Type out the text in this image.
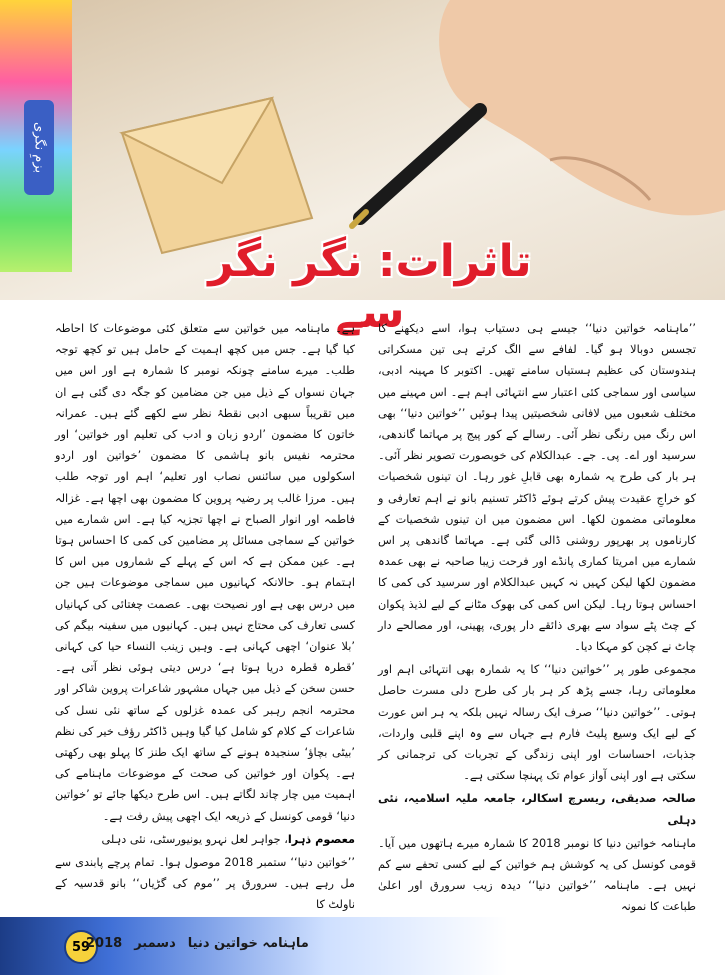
بزمِ نگری
تاثرات: نگر نگر سے

’’ماہنامہ خواتین دنیا‘‘ جیسے ہی دستیاب ہوا، اسے دیکھنے کا تجسس دوبالا ہو گیا۔ لفافے سے الگ کرتے ہی تین مسکراتی ہندوستان کی عظیم ہستیاں سامنے تھیں۔ اکتوبر کا مہینہ ادبی، سیاسی اور سماجی کئی اعتبار سے انتہائی اہم ہے۔ اس مہینے میں مختلف شعبوں میں لافانی شخصیتیں پیدا ہوئیں ’’خواتین دنیا‘‘ بھی اس رنگ میں رنگی نظر آئی۔ رسالے کے کور پیج پر مہاتما گاندھی، سرسید اور اے۔ پی۔ جے۔ عبدالکلام کی خوبصورت تصویر نظر آئی۔ ہر بار کی طرح یہ شمارہ بھی قابلِ غور رہا۔ ان تینوں شخصیات کو خراجِ عقیدت پیش کرتے ہوئے ڈاکٹر تسنیم بانو نے اہم تعارفی و معلوماتی مضمون لکھا۔ اس مضمون میں ان تینوں شخصیات کے کارناموں پر بھرپور روشنی ڈالی گئی ہے۔ مہاتما گاندھی پر اس شمارے میں امریتا کماری پانڈے اور فرحت زیبا صاحبہ نے بھی عمدہ مضمون لکھا لیکن کہیں نہ کہیں عبدالکلام اور سرسید کی کمی کا احساس ہوتا رہا۔ لیکن اس کمی کی بھوک مٹانے کے لیے لذیذ پکوان کے چٹ پٹے سواد سے بھری ذائقے دار پوری، پھینی، اور مصالحے دار چاٹ نے کچن کو مہکا دیا۔

مجموعی طور پر ’’خواتین دنیا‘‘ کا یہ شمارہ بھی انتہائی اہم اور معلوماتی رہا، جسے پڑھ کر ہر بار کی طرح دلی مسرت حاصل ہوتی۔ ’’خواتین دنیا‘‘ صرف ایک رسالہ نہیں بلکہ یہ ہر اس عورت کے لیے ایک وسیع پلیٹ فارم ہے جہاں سے وہ اپنے قلبی واردات، جذبات، احساسات اور اپنی زندگی کے تجربات کی ترجمانی کر سکتی ہے اور اپنی آواز عوام تک پہنچا سکتی ہے۔

صالحہ صدیقی، ریسرچ اسکالر، جامعہ ملیہ اسلامیہ، نئی دہلی

ماہنامہ خواتین دنیا کا نومبر 2018 کا شمارہ میرے ہاتھوں میں آیا۔ قومی کونسل کی یہ کوشش ہم خواتین کے لیے کسی تحفے سے کم نہیں ہے۔ ماہنامہ ’’خواتین دنیا‘‘ دیدہ زیب سرورق اور اعلیٰ طباعت کا نمونہ

ہے۔ ماہنامہ میں خواتین سے متعلق کئی موضوعات کا احاطہ کیا گیا ہے۔ جس میں کچھ اہمیت کے حامل ہیں تو کچھ توجہ طلب۔ میرے سامنے چونکہ نومبر کا شمارہ ہے اور اس میں جہان نسواں کے ذیل میں جن مضامین کو جگہ دی گئی ہے ان میں تقریباً سبھی ادبی نقطۂ نظر سے لکھے گئے ہیں۔ عمرانہ خاتون کا مضمون ’اردو زبان و ادب کی تعلیم اور خواتین‘ اور محترمہ نفیس بانو ہاشمی کا مضمون ’خواتین اور اردو اسکولوں میں سائنس نصاب اور تعلیم‘ اہم اور توجہ طلب ہیں۔ مرزا غالب پر رضیہ پروین کا مضمون بھی اچھا ہے۔ غزالہ فاطمہ اور انوار الصباح نے اچھا تجزیہ کیا ہے۔ اس شمارے میں خواتین کے سماجی مسائل پر مضامین کی کمی کا احساس ہوتا ہے۔ عین ممکن ہے کہ اس کے پہلے کے شماروں میں اس کا اہتمام ہو۔ حالانکہ کہانیوں میں سماجی موضوعات ہیں جن میں درس بھی ہے اور نصیحت بھی۔ عصمت چغتائی کی کہانیاں کسی تعارف کی محتاج نہیں ہیں۔ کہانیوں میں سفینہ بیگم کی ’بلا عنوان‘ اچھی کہانی ہے۔ وہیں زینب النساء حیا کی کہانی ’قطرہ قطرہ دریا ہوتا ہے‘ درس دیتی ہوئی نظر آتی ہے۔ حسن سخن کے ذیل میں جہاں مشہور شاعرات پروین شاکر اور محترمہ انجم رہبر کی عمدہ غزلوں کے ساتھ نئی نسل کی شاعرات کے کلام کو شامل کیا گیا وہیں ڈاکٹر رؤف خیر کی نظم ’بیٹی بچاؤ‘ سنجیدہ ہونے کے ساتھ ایک طنز کا پہلو بھی رکھتی ہے۔ پکوان اور خواتین کی صحت کے موضوعات ماہنامے کی اہمیت میں چار چاند لگاتے ہیں۔ اس طرح دیکھا جائے تو ’خواتین دنیا‘ قومی کونسل کے ذریعہ ایک اچھی پیش رفت ہے۔

معصوم ذہرا، جواہر لعل نہرو یونیورسٹی، نئی دہلی

’’خواتین دنیا‘‘ ستمبر 2018 موصول ہوا۔ تمام پرچے پابندی سے مل رہے ہیں۔ سرورق پر ’’موم کی گڑیاں‘‘ بانو قدسیہ کے ناولٹ کا

59	ماہنامہ خواتین دنیا
دسمبر
2018
